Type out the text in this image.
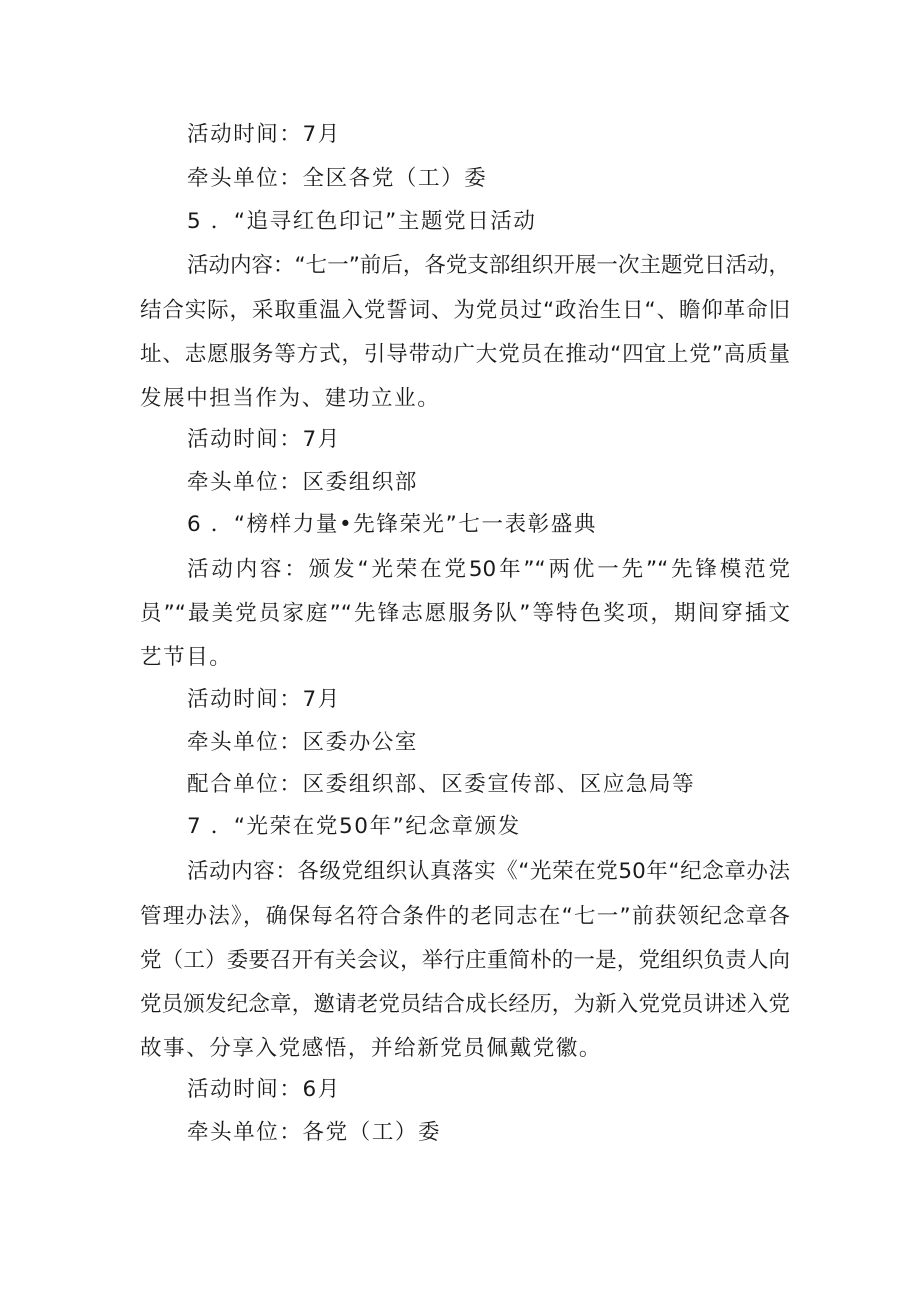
活动时间：7月
牵头单位：全区各党（工）委
5 ．“追寻红色印记”主题党日活动
活动内容：“七一”前后，各党支部组织开展一次主题党日活动，
结合实际，采取重温入党誓词、为党员过“政治生日“、瞻仰革命旧
址、志愿服务等方式，引导带动广大党员在推动“四宜上党”高质量
发展中担当作为、建功立业。
活动时间：7月
牵头单位：区委组织部
6 ．“榜样力量•先锋荣光”七一表彰盛典
活动内容：颁发“光荣在党50年”“两优一先”“先锋模范党
员”“最美党员家庭”“先锋志愿服务队”等特色奖项，期间穿插文
艺节目。
活动时间：7月
牵头单位：区委办公室
配合单位：区委组织部、区委宣传部、区应急局等
7 ．“光荣在党50年”纪念章颁发
活动内容：各级党组织认真落实《“光荣在党50年“纪念章办法
管理办法》，确保每名符合条件的老同志在“七一”前获领纪念章各
党（工）委要召开有关会议，举行庄重简朴的一是，党组织负责人向
党员颁发纪念章，邀请老党员结合成长经历，为新入党党员讲述入党
故事、分享入党感悟，并给新党员佩戴党徽。
活动时间：6月
牵头单位：各党（工）委
